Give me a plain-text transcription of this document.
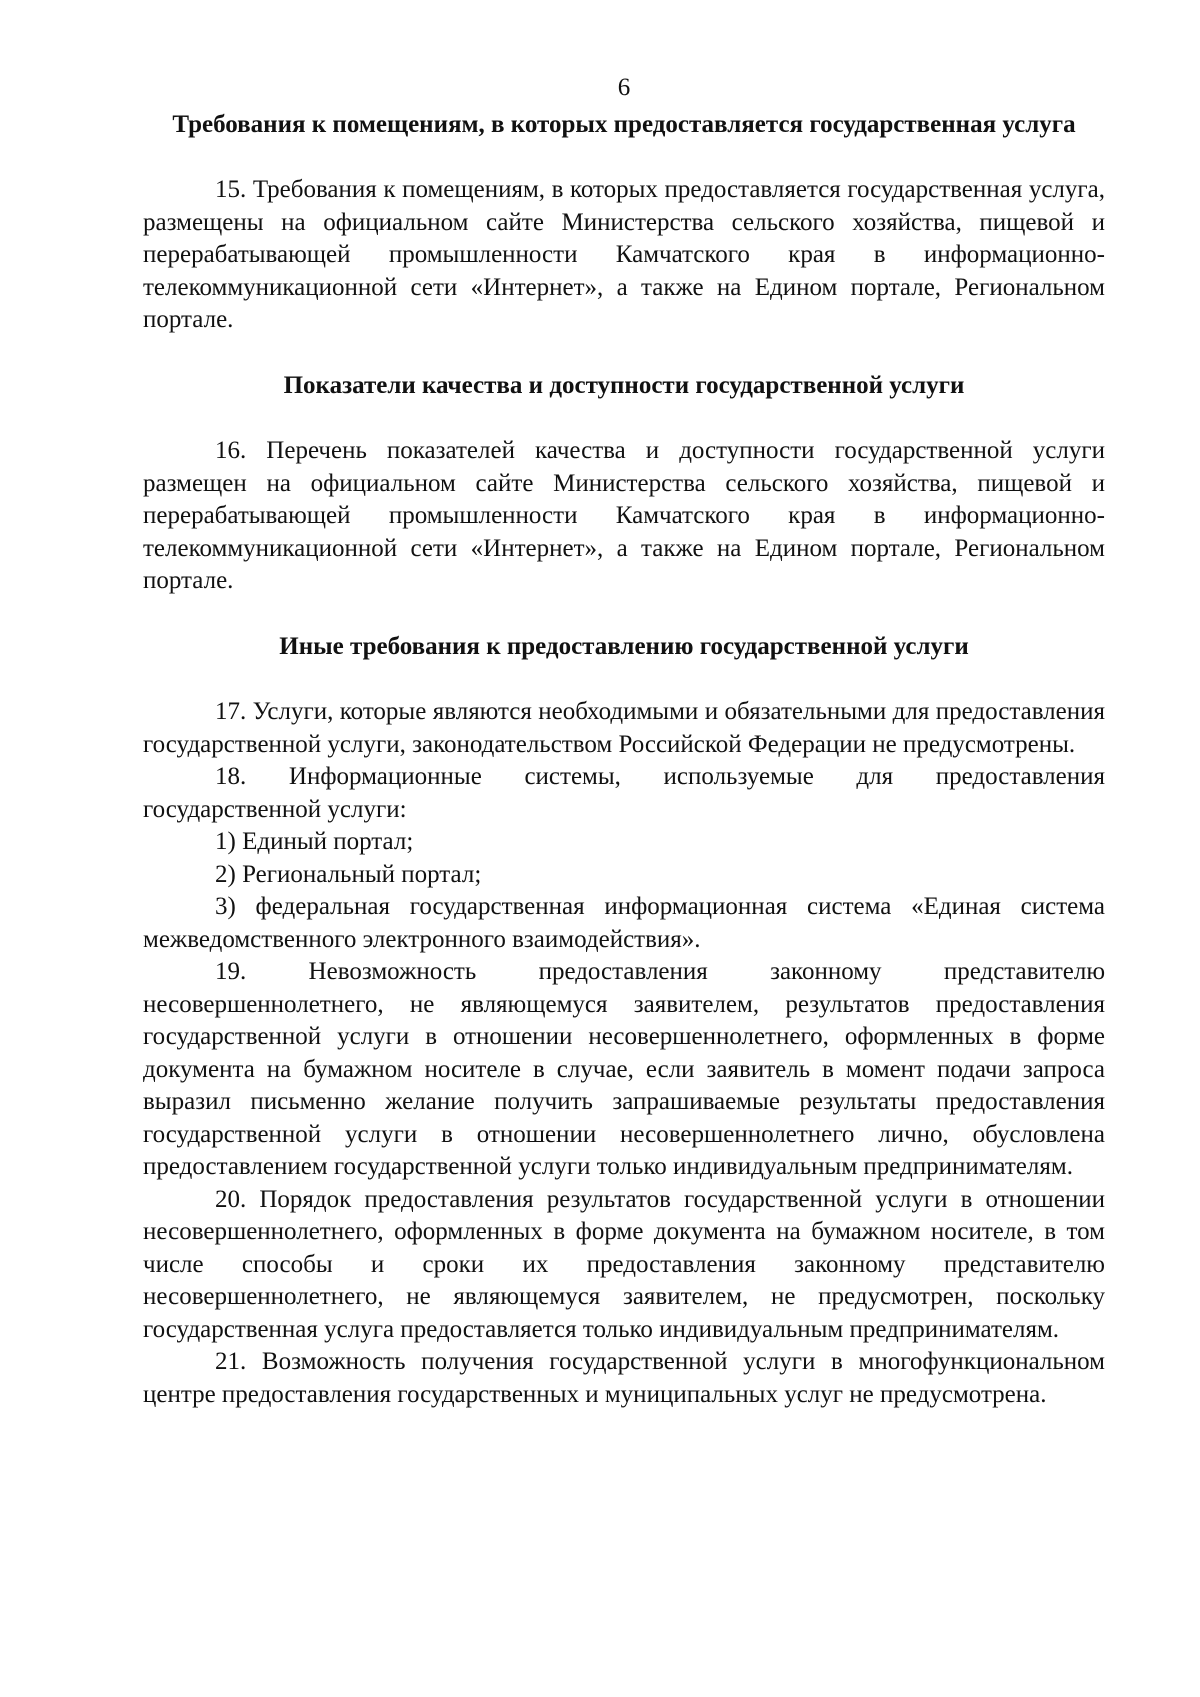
6
Требования к помещениям, в которых предоставляется государственная услуга

15. Требования к помещениям, в которых предоставляется государственная услуга, размещены на официальном сайте Министерства сельского хозяйства, пищевой и перерабатывающей промышленности Камчатского края в информационно-телекоммуникационной сети «Интернет», а также на Едином портале, Региональном портале.

Показатели качества и доступности государственной услуги

16. Перечень показателей качества и доступности государственной услуги размещен на официальном сайте Министерства сельского хозяйства, пищевой и перерабатывающей промышленности Камчатского края в информационно-телекоммуникационной сети «Интернет», а также на Едином портале, Региональном портале.

Иные требования к предоставлению государственной услуги

17. Услуги, которые являются необходимыми и обязательными для предоставления государственной услуги, законодательством Российской Федерации не предусмотрены.

18. Информационные системы, используемые для предоставления государственной услуги:

1) Единый портал;

2) Региональный портал;

3) федеральная государственная информационная система «Единая система межведомственного электронного взаимодействия».

19. Невозможность предоставления законному представителю несовершеннолетнего, не являющемуся заявителем, результатов предоставления государственной услуги в отношении несовершеннолетнего, оформленных в форме документа на бумажном носителе в случае, если заявитель в момент подачи запроса выразил письменно желание получить запрашиваемые результаты предоставления государственной услуги в отношении несовершеннолетнего лично, обусловлена предоставлением государственной услуги только индивидуальным предпринимателям.

20. Порядок предоставления результатов государственной услуги в отношении несовершеннолетнего, оформленных в форме документа на бумажном носителе, в том числе способы и сроки их предоставления законному представителю несовершеннолетнего, не являющемуся заявителем, не предусмотрен, поскольку государственная услуга предоставляется только индивидуальным предпринимателям.

21. Возможность получения государственной услуги в многофункциональном центре предоставления государственных и муниципальных услуг не предусмотрена.
